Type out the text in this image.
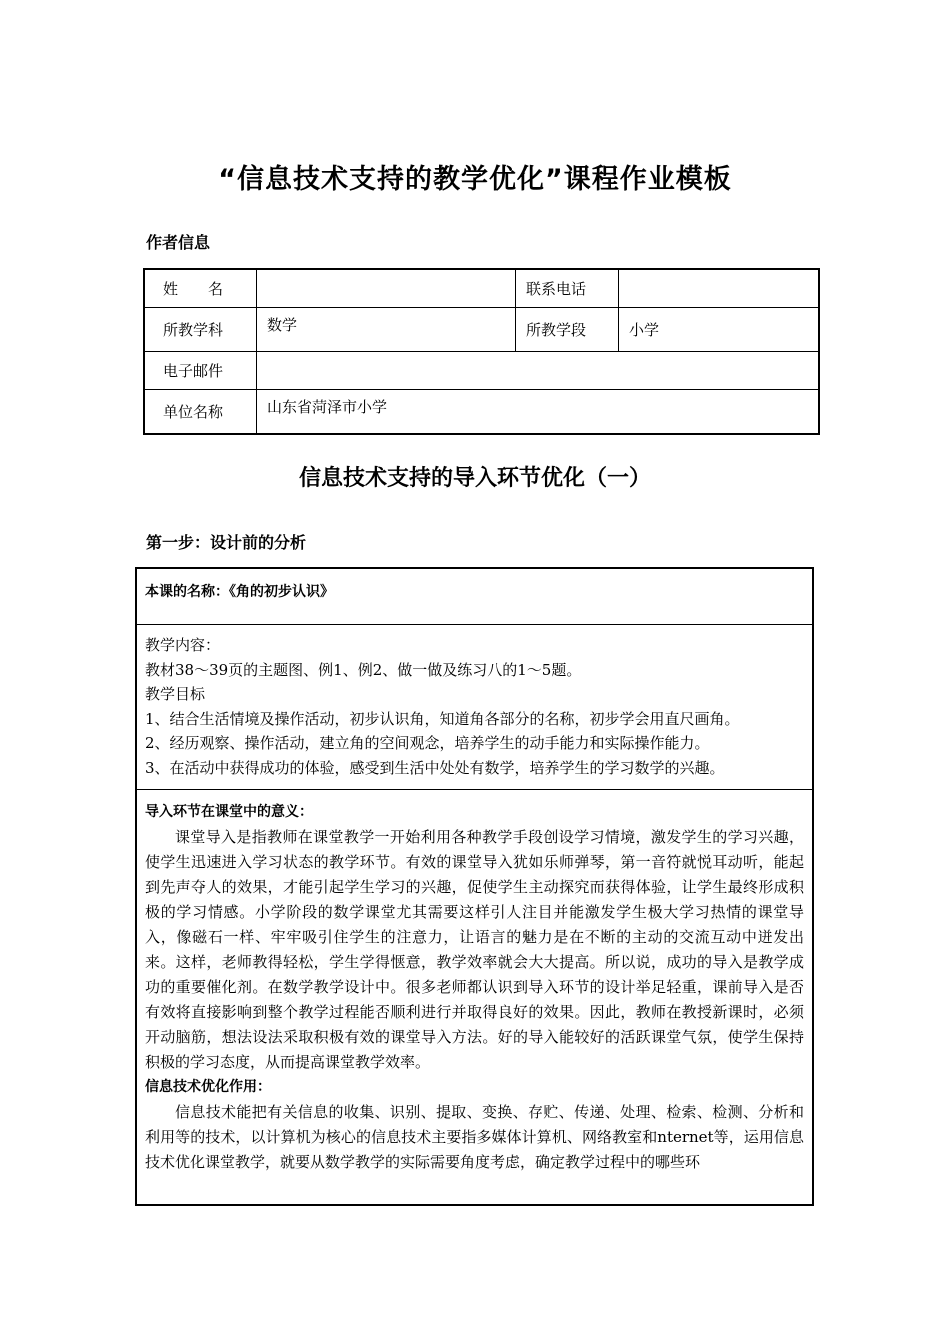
“信息技术支持的教学优化”课程作业模板
作者信息
姓　　名		联系电话	
所教学科	数学	所教学段	小学
电子邮件			
单位名称	山东省菏泽市小学		
信息技术支持的导入环节优化（一）
第一步：设计前的分析
本课的名称：《角的初步认识》

教学内容：

教材38～39页的主题图、例1、例2、做一做及练习八的1～5题。

教学目标

1、结合生活情境及操作活动，初步认识角，知道角各部分的名称，初步学会用直尺画角。

2、经历观察、操作活动，建立角的空间观念，培养学生的动手能力和实际操作能力。

3、在活动中获得成功的体验，感受到生活中处处有数学，培养学生的学习数学的兴趣。

导入环节在课堂中的意义：

课堂导入是指教师在课堂教学一开始利用各种教学手段创设学习情境，激发学生的学习兴趣，使学生迅速进入学习状态的教学环节。有效的课堂导入犹如乐师弹琴，第一音符就悦耳动听，能起到先声夺人的效果，才能引起学生学习的兴趣，促使学生主动探究而获得体验，让学生最终形成积极的学习情感。小学阶段的数学课堂尤其需要这样引人注目并能激发学生极大学习热情的课堂导入，像磁石一样、牢牢吸引住学生的注意力，让语言的魅力是在不断的主动的交流互动中迸发出来。这样，老师教得轻松，学生学得惬意，教学效率就会大大提高。所以说，成功的导入是教学成功的重要催化剂。在数学教学设计中。很多老师都认识到导入环节的设计举足轻重，课前导入是否有效将直接影响到整个教学过程能否顺利进行并取得良好的效果。因此，教师在教授新课时，必须开动脑筋，想法设法采取积极有效的课堂导入方法。好的导入能较好的活跃课堂气氛，使学生保持积极的学习态度，从而提高课堂教学效率。

信息技术优化作用：

信息技术能把有关信息的收集、识别、提取、变换、存贮、传递、处理、检索、检测、分析和利用等的技术，以计算机为核心的信息技术主要指多媒体计算机、网络教室和nternet等，运用信息技术优化课堂教学，就要从数学教学的实际需要角度考虑，确定教学过程中的哪些环
